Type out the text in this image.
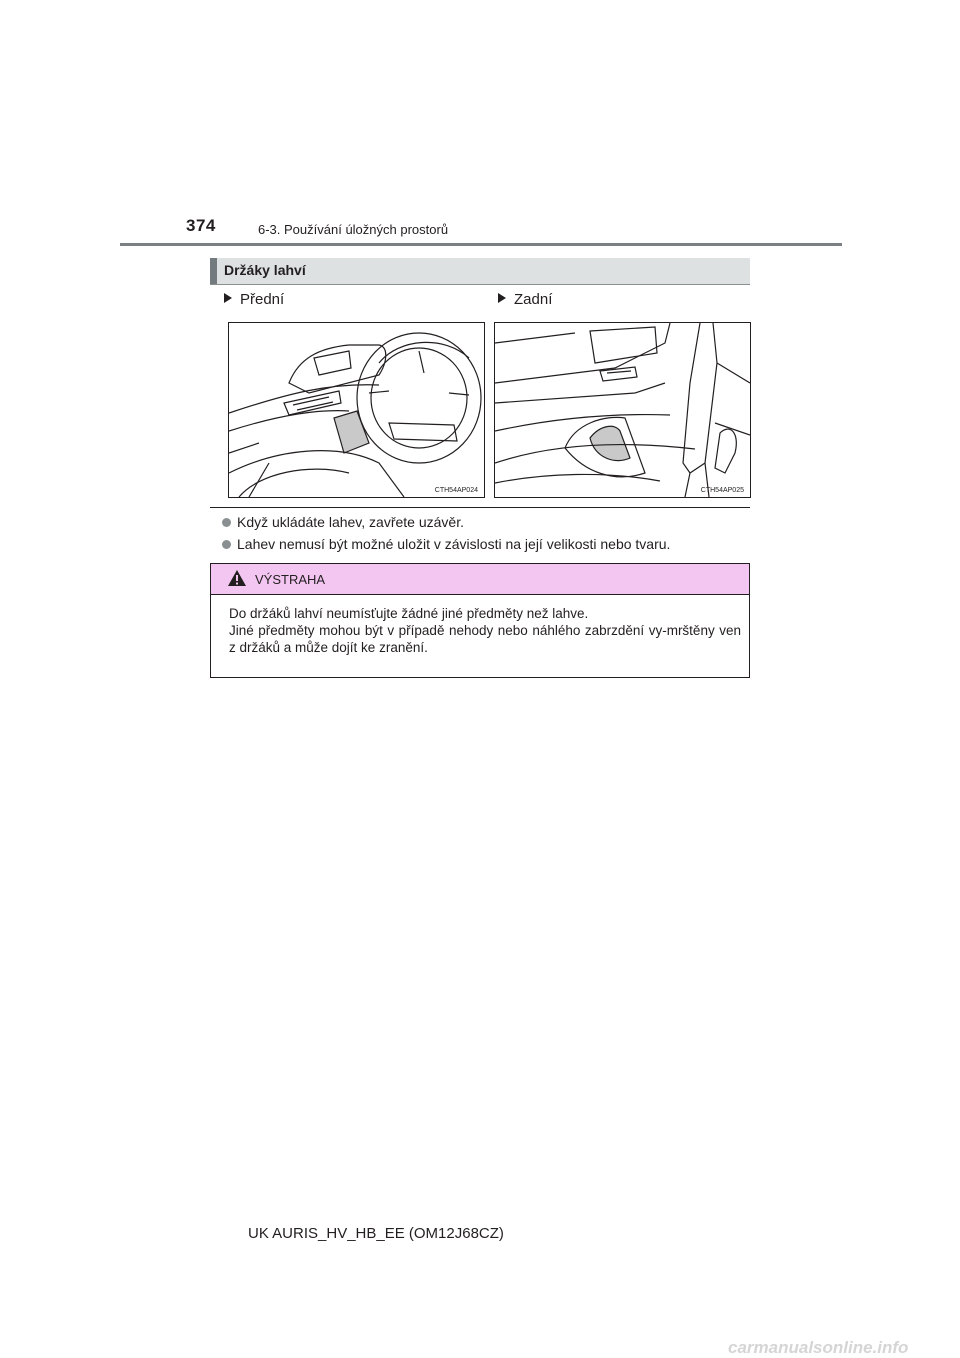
374	6-3. Používání úložných prostorů
Držáky lahví
Přední	Zadní
CTH54AP024	CTH54AP025
Když ukládáte lahev, zavřete uzávěr.
Lahev nemusí být možné uložit v závislosti na její velikosti nebo tvaru.
VÝSTRAHA

Do držáků lahví neumísťujte žádné jiné předměty než lahve.

Jiné předměty mohou být v případě nehody nebo náhlého zabrzdění vy-mrštěny ven z držáků a může dojít ke zranění.

UK AURIS_HV_HB_EE (OM12J68CZ)
carmanualsonline.info
